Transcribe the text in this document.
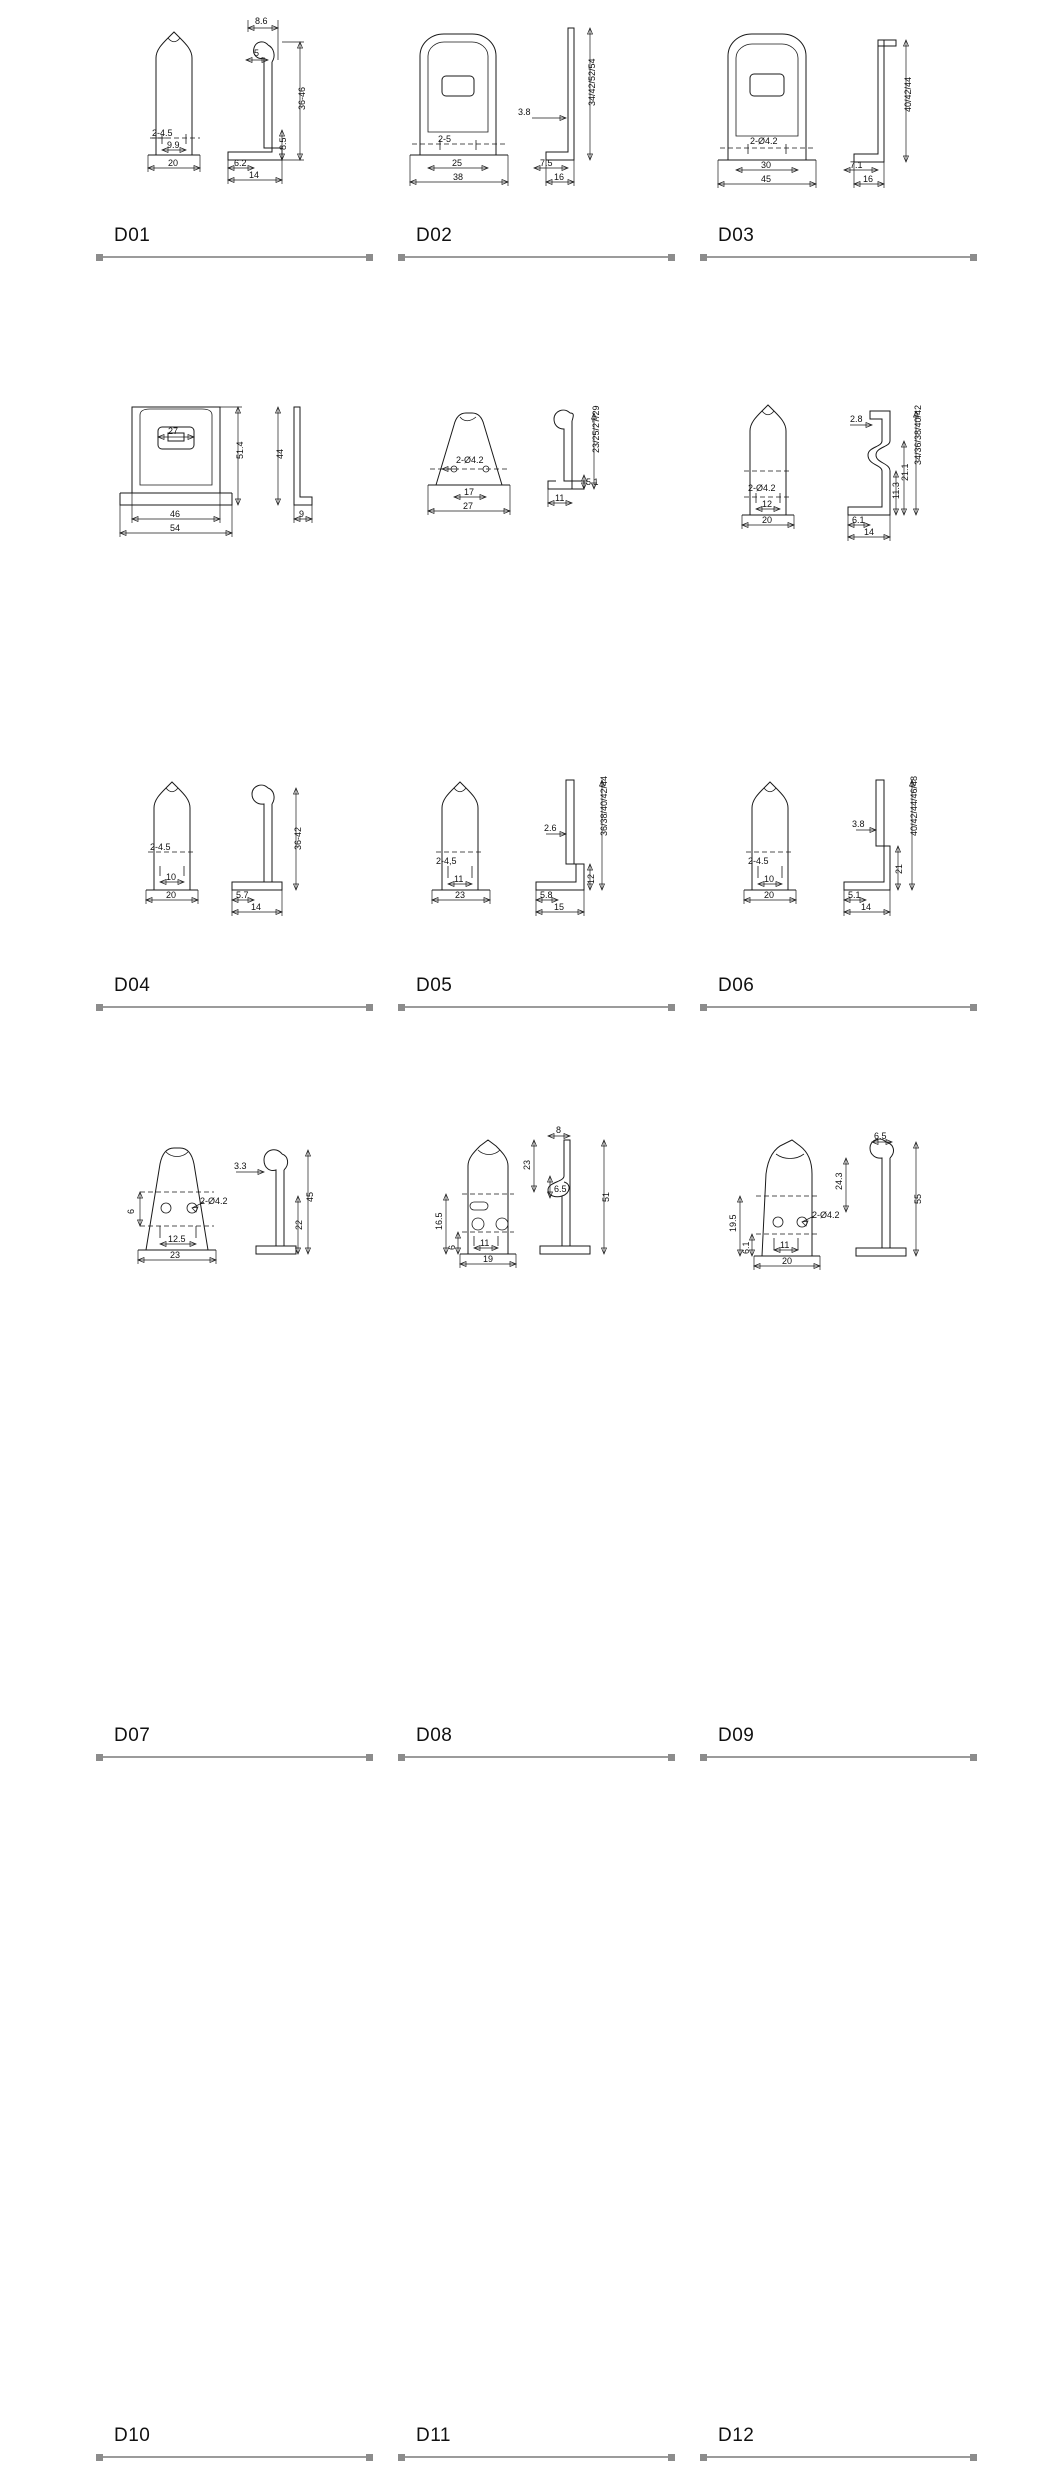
8.6
5
36-46
8.5
2-4.5
9.9
20	6.2
14
D01
3.8
34/42/52/54
2-5
25
38
7.5
16
D02
40/42/44
2-Ø4.2
30
45
7.1
16
D03
27
51.4	44
46
54
9
D04
2-Ø4.2
23/25/27/29
17
27
11
5.1
D05
2.8
21.1
11.3
34/36/38/40/42
2-Ø4.2
12
20	6.1
14
D06
36-42
2-4.5
10
20	5.7
14
D07
2.6
12
36/38/40/42/44
2-4,5
11
23	5.8
15
D08
3.8
21
40/42/44/46/48
2-4.5
10
20	5.1
14
D09
3.3
45
22
2-Ø4.2
6
12.5
23
D10
8
23
6.5
51
16.5
6	11
19
D11
24.3
6.5
55
19.5
6.1
2-Ø4.2
11
20
D12
